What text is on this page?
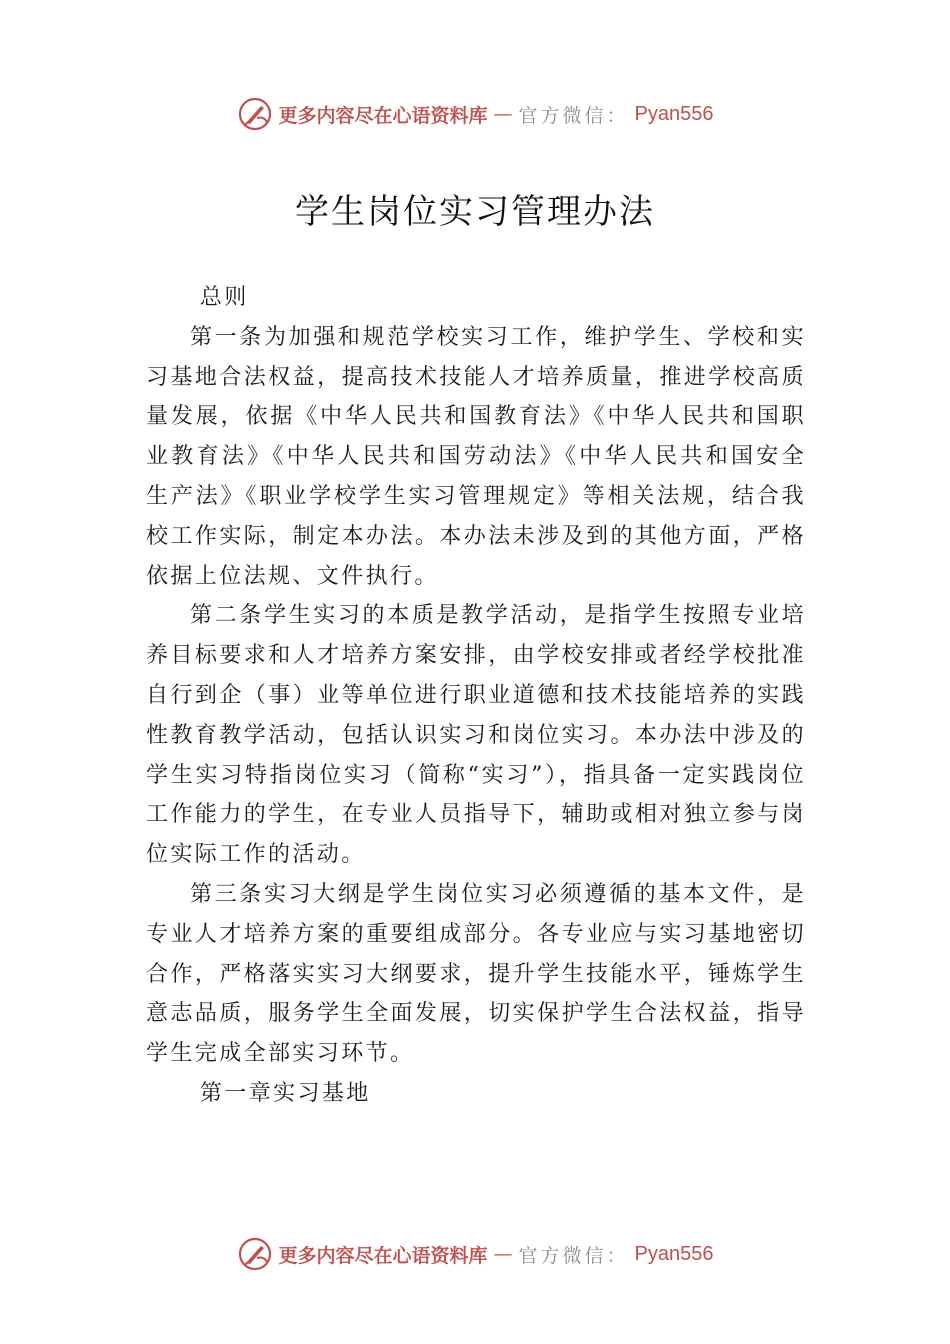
更多内容尽在心语资料库 — 官方微信： Pyan556
学生岗位实习管理办法

总则

第一条为加强和规范学校实习工作，维护学生、学校和实习基地合法权益，提高技术技能人才培养质量，推进学校高质量发展，依据《中华人民共和国教育法》《中华人民共和国职业教育法》《中华人民共和国劳动法》《中华人民共和国安全生产法》《职业学校学生实习管理规定》等相关法规，结合我校工作实际，制定本办法。本办法未涉及到的其他方面，严格依据上位法规、文件执行。

第二条学生实习的本质是教学活动，是指学生按照专业培养目标要求和人才培养方案安排，由学校安排或者经学校批准自行到企（事）业等单位进行职业道德和技术技能培养的实践性教育教学活动，包括认识实习和岗位实习。本办法中涉及的学生实习特指岗位实习（简称“实习”），指具备一定实践岗位工作能力的学生，在专业人员指导下，辅助或相对独立参与岗位实际工作的活动。

第三条实习大纲是学生岗位实习必须遵循的基本文件，是专业人才培养方案的重要组成部分。各专业应与实习基地密切合作，严格落实实习大纲要求，提升学生技能水平，锤炼学生意志品质，服务学生全面发展，切实保护学生合法权益，指导学生完成全部实习环节。

第一章实习基地

更多内容尽在心语资料库 — 官方微信： Pyan556
